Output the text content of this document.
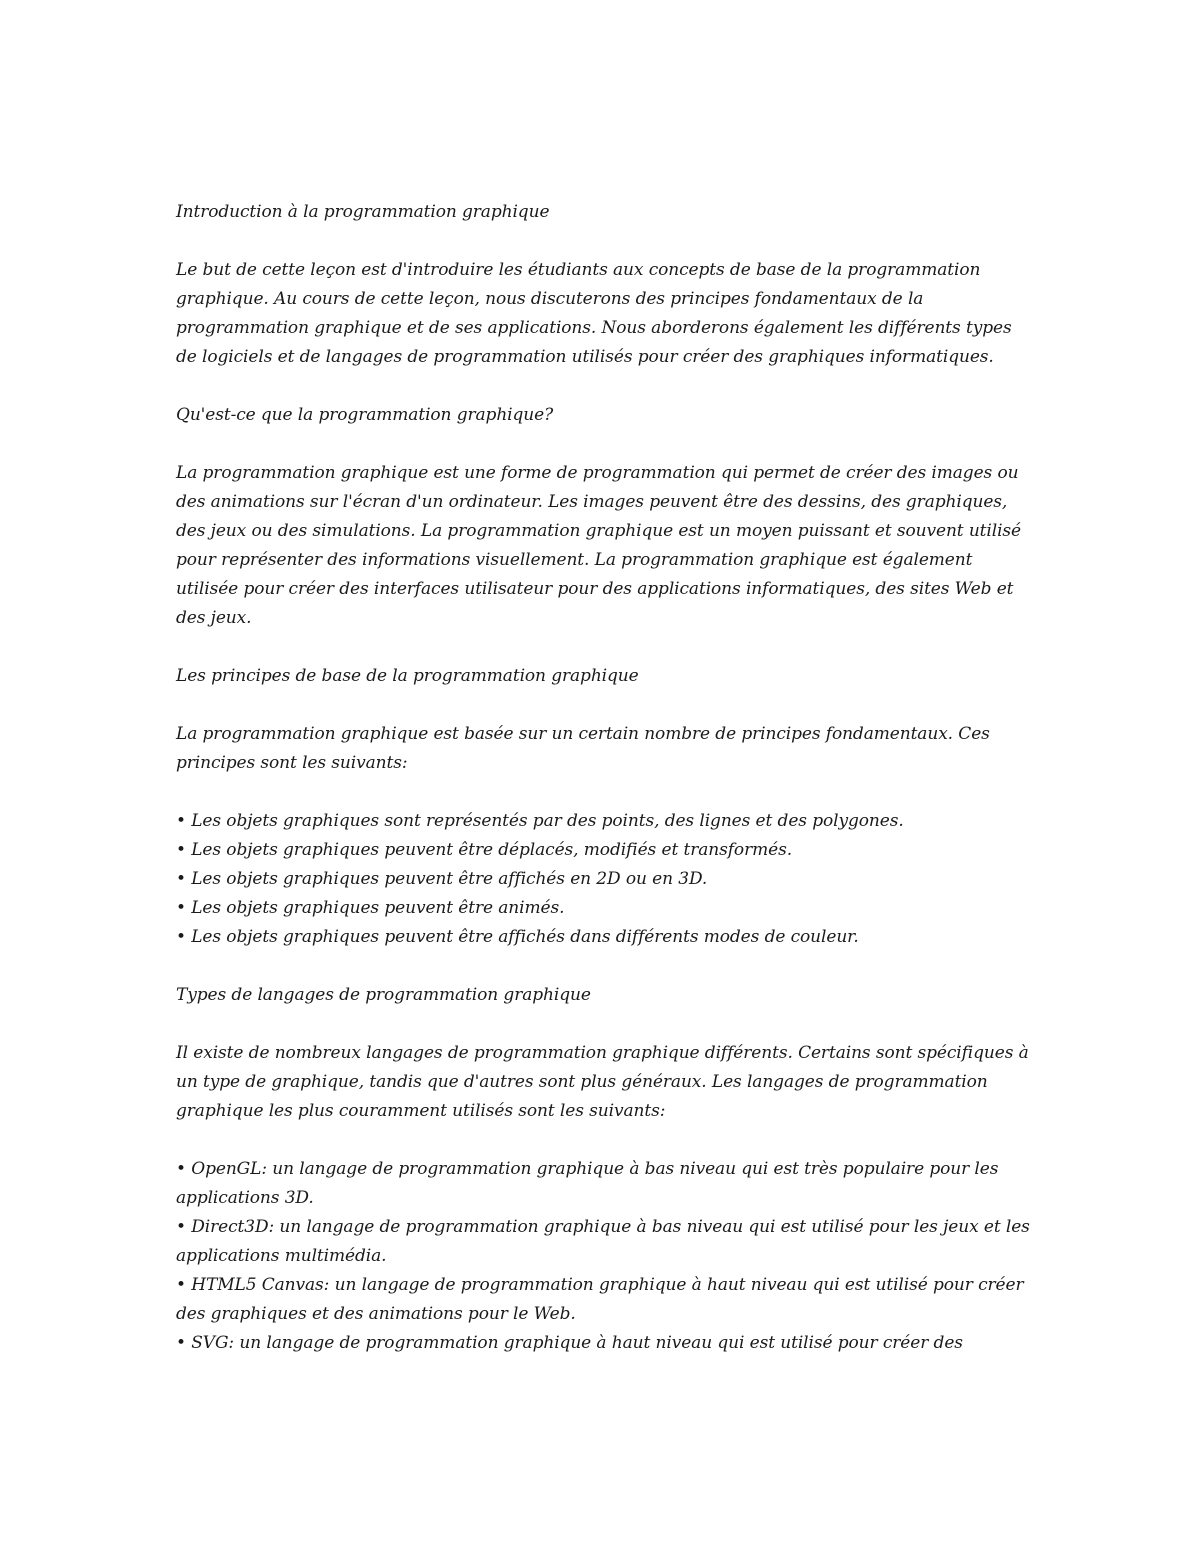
Introduction à la programmation graphique

Le but de cette leçon est d'introduire les étudiants aux concepts de base de la programmation graphique. Au cours de cette leçon, nous discuterons des principes fondamentaux de la programmation graphique et de ses applications. Nous aborderons également les différents types de logiciels et de langages de programmation utilisés pour créer des graphiques informatiques.

Qu'est-ce que la programmation graphique?

La programmation graphique est une forme de programmation qui permet de créer des images ou des animations sur l'écran d'un ordinateur. Les images peuvent être des dessins, des graphiques, des jeux ou des simulations. La programmation graphique est un moyen puissant et souvent utilisé pour représenter des informations visuellement. La programmation graphique est également utilisée pour créer des interfaces utilisateur pour des applications informatiques, des sites Web et des jeux.

Les principes de base de la programmation graphique

La programmation graphique est basée sur un certain nombre de principes fondamentaux. Ces principes sont les suivants:

• Les objets graphiques sont représentés par des points, des lignes et des polygones.
• Les objets graphiques peuvent être déplacés, modifiés et transformés.
• Les objets graphiques peuvent être affichés en 2D ou en 3D.
• Les objets graphiques peuvent être animés.
• Les objets graphiques peuvent être affichés dans différents modes de couleur.

Types de langages de programmation graphique

Il existe de nombreux langages de programmation graphique différents. Certains sont spécifiques à un type de graphique, tandis que d'autres sont plus généraux. Les langages de programmation graphique les plus couramment utilisés sont les suivants:

• OpenGL: un langage de programmation graphique à bas niveau qui est très populaire pour les applications 3D.
• Direct3D: un langage de programmation graphique à bas niveau qui est utilisé pour les jeux et les applications multimédia.
• HTML5 Canvas: un langage de programmation graphique à haut niveau qui est utilisé pour créer des graphiques et des animations pour le Web.
• SVG: un langage de programmation graphique à haut niveau qui est utilisé pour créer des
